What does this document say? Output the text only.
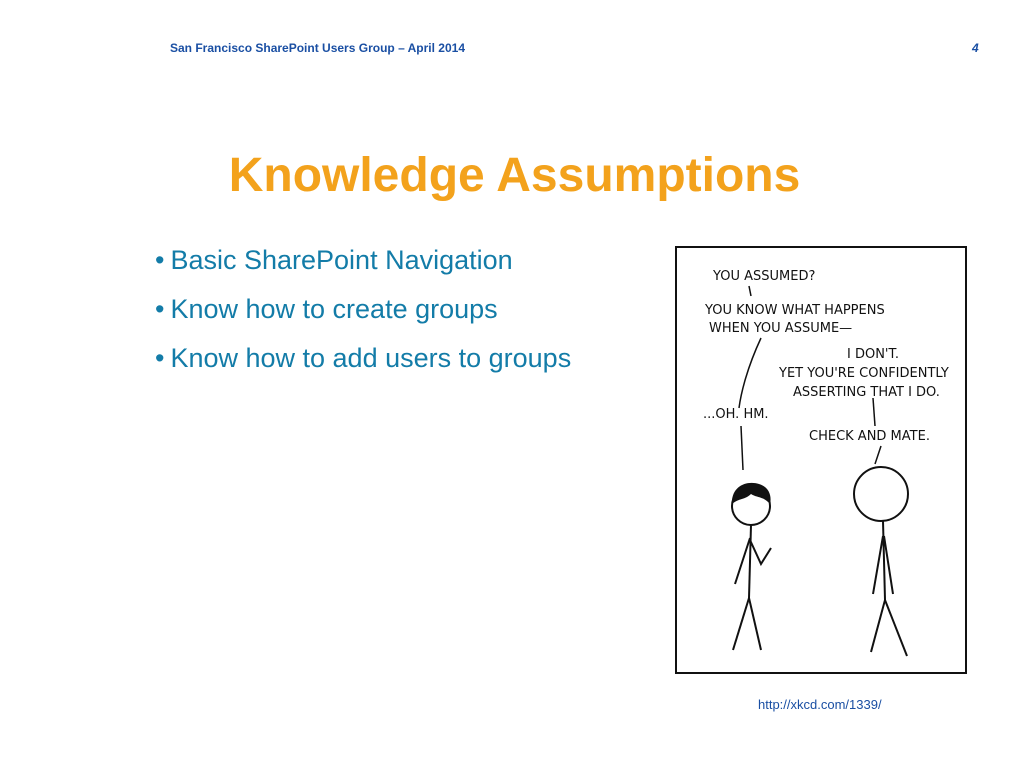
San Francisco SharePoint Users Group – April 2014	4
Knowledge Assumptions
• Basic SharePoint Navigation
• Know how to create groups
• Know how to add users to groups
YOU ASSUMED?
YOU KNOW WHAT HAPPENS
WHEN YOU ASSUME—
I DON'T.
YET YOU'RE CONFIDENTLY
ASSERTING THAT I DO.
...OH. HM.
CHECK AND MATE.
http://xkcd.com/1339/
